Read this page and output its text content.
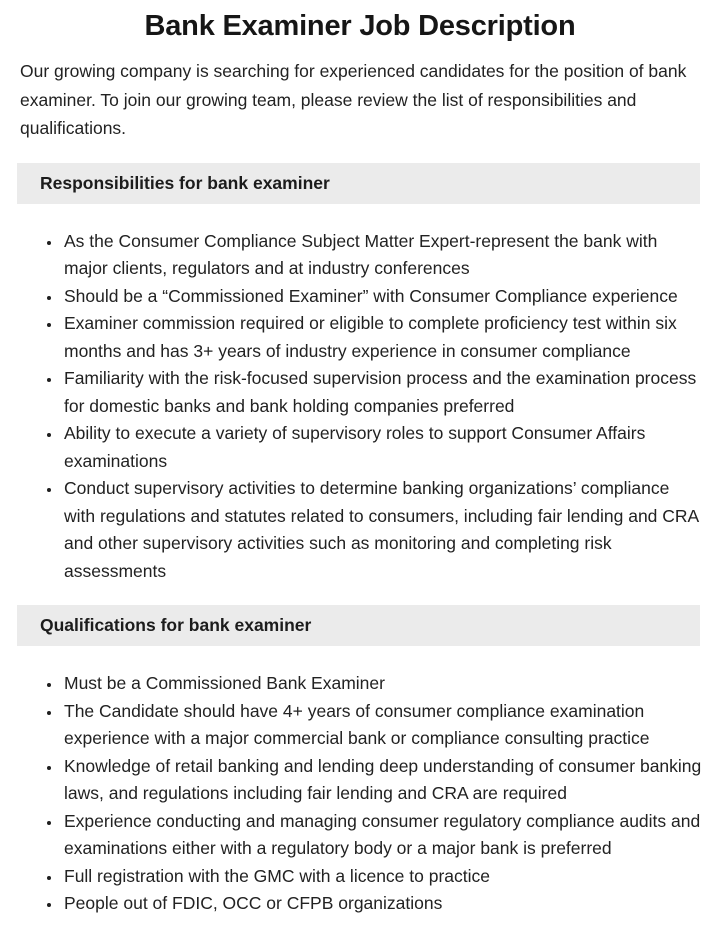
Bank Examiner Job Description

Our growing company is searching for experienced candidates for the position of bank examiner. To join our growing team, please review the list of responsibilities and qualifications.

Responsibilities for bank examiner
• As the Consumer Compliance Subject Matter Expert-represent the bank with major clients, regulators and at industry conferences
• Should be a “Commissioned Examiner” with Consumer Compliance experience
• Examiner commission required or eligible to complete proficiency test within six months and has 3+ years of industry experience in consumer compliance
• Familiarity with the risk-focused supervision process and the examination process for domestic banks and bank holding companies preferred
• Ability to execute a variety of supervisory roles to support Consumer Affairs examinations
• Conduct supervisory activities to determine banking organizations’ compliance with regulations and statutes related to consumers, including fair lending and CRA and other supervisory activities such as monitoring and completing risk assessments
Qualifications for bank examiner
• Must be a Commissioned Bank Examiner
• The Candidate should have 4+ years of consumer compliance examination experience with a major commercial bank or compliance consulting practice
• Knowledge of retail banking and lending deep understanding of consumer banking laws, and regulations including fair lending and CRA are required
• Experience conducting and managing consumer regulatory compliance audits and examinations either with a regulatory body or a major bank is preferred
• Full registration with the GMC with a licence to practice
• People out of FDIC, OCC or CFPB organizations
